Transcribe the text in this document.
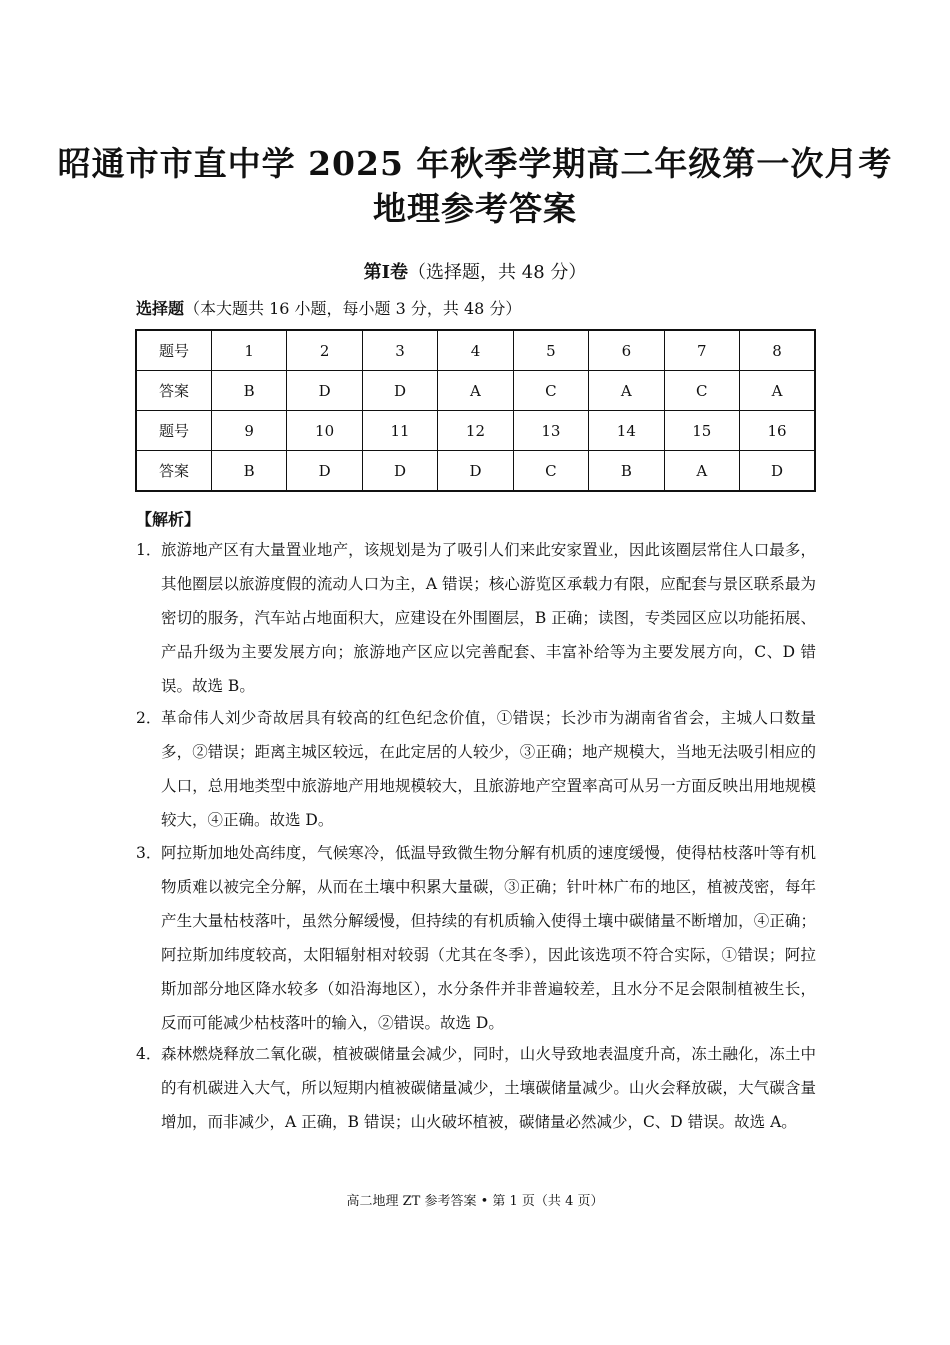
昭通市市直中学 2025 年秋季学期高二年级第一次月考
地理参考答案
第Ⅰ卷（选择题，共 48 分）
选择题（本大题共 16 小题，每小题 3 分，共 48 分）
题号	1	2	3	4	5	6	7	8
答案	B	D	D	A	C	A	C	A
题号	9	10	11	12	13	14	15	16
答案	B	D	D	D	C	B	A	D
【解析】
1． 旅游地产区有大量置业地产，该规划是为了吸引人们来此安家置业，因此该圈层常住人口最多，其他圈层以旅游度假的流动人口为主，A 错误；核心游览区承载力有限，应配套与景区联系最为密切的服务，汽车站占地面积大，应建设在外围圈层，B 正确；读图，专类园区应以功能拓展、产品升级为主要发展方向；旅游地产区应以完善配套、丰富补给等为主要发展方向，C、D 错误。故选 B。
2． 革命伟人刘少奇故居具有较高的红色纪念价值，①错误；长沙市为湖南省省会，主城人口数量多，②错误；距离主城区较远，在此定居的人较少，③正确；地产规模大，当地无法吸引相应的人口，总用地类型中旅游地产用地规模较大，且旅游地产空置率高可从另一方面反映出用地规模较大，④正确。故选 D。
3． 阿拉斯加地处高纬度，气候寒冷，低温导致微生物分解有机质的速度缓慢，使得枯枝落叶等有机物质难以被完全分解，从而在土壤中积累大量碳，③正确；针叶林广布的地区，植被茂密，每年产生大量枯枝落叶，虽然分解缓慢，但持续的有机质输入使得土壤中碳储量不断增加，④正确；阿拉斯加纬度较高，太阳辐射相对较弱（尤其在冬季），因此该选项不符合实际，①错误；阿拉斯加部分地区降水较多（如沿海地区），水分条件并非普遍较差，且水分不足会限制植被生长，反而可能减少枯枝落叶的输入，②错误。故选 D。
4． 森林燃烧释放二氧化碳，植被碳储量会减少，同时，山火导致地表温度升高，冻土融化，冻土中的有机碳进入大气，所以短期内植被碳储量减少，土壤碳储量减少。山火会释放碳，大气碳含量增加，而非减少，A 正确，B 错误；山火破坏植被，碳储量必然减少，C、D 错误。故选 A。
高二地理 ZT 参考答案 • 第 1 页（共 4 页）
